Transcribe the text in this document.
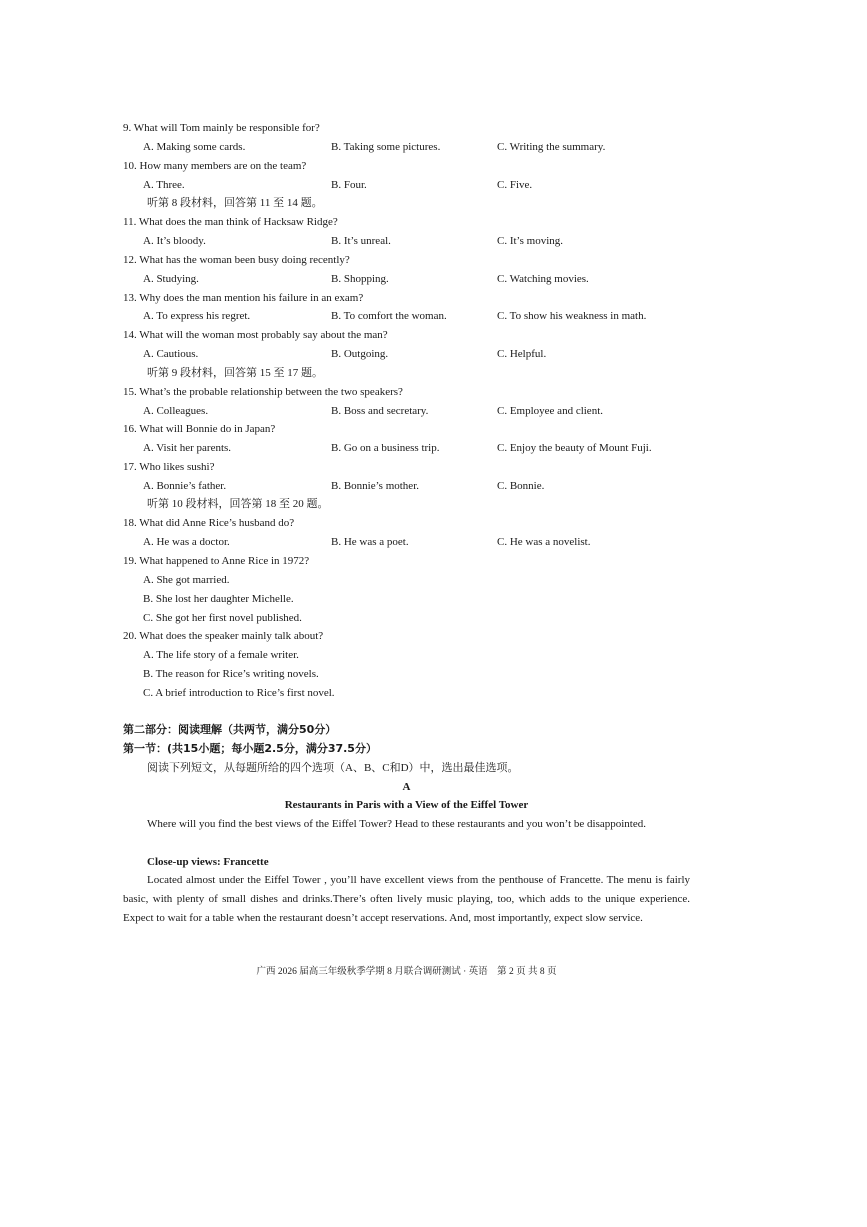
9. What will Tom mainly be responsible for?
A. Making some cards.	B. Taking some pictures.	C. Writing the summary.
10. How many members are on the team?
A. Three.	B. Four.	C. Five.
听第 8 段材料，回答第 11 至 14 题。
11. What does the man think of Hacksaw Ridge?
A. It’s bloody.	B. It’s unreal.	C. It’s moving.
12. What has the woman been busy doing recently?
A. Studying.	B. Shopping.	C. Watching movies.
13. Why does the man mention his failure in an exam?
A. To express his regret.	B. To comfort the woman.	C. To show his weakness in math.
14. What will the woman most probably say about the man?
A. Cautious.	B. Outgoing.	C. Helpful.
听第 9 段材料，回答第 15 至 17 题。
15. What’s the probable relationship between the two speakers?
A. Colleagues.	B. Boss and secretary.	C. Employee and client.
16. What will Bonnie do in Japan?
A. Visit her parents.	B. Go on a business trip.	C. Enjoy the beauty of Mount Fuji.
17. Who likes sushi?
A. Bonnie’s father.	B. Bonnie’s mother.	C. Bonnie.
听第 10 段材料，回答第 18 至 20 题。
18. What did Anne Rice’s husband do?
A. He was a doctor.	B. He was a poet.	C. He was a novelist.
19. What happened to Anne Rice in 1972?
A. She got married.
B. She lost her daughter Michelle.
C. She got her first novel published.
20. What does the speaker mainly talk about?
A. The life story of a female writer.
B. The reason for Rice’s writing novels.
C. A brief introduction to Rice’s first novel.
第二部分：阅读理解（共两节，满分50分）
第一节：(共15小题；每小题2.5分，满分37.5分）
阅读下列短文，从每题所给的四个选项（A、B、C和D）中，选出最佳选项。
A
Restaurants in Paris with a View of the Eiffel Tower
Where will you find the best views of the Eiffel Tower? Head to these restaurants and you won’t be disappointed.
Close-up views: Francette
Located almost under the Eiffel Tower , you’ll have excellent views from the penthouse of Francette. The menu is fairly basic, with plenty of small dishes and drinks.There’s often lively music playing, too, which adds to the unique experience. Expect to wait for a table when the restaurant doesn’t accept reservations. And, most importantly, expect slow service.
广西 2026 届高三年级秋季学期 8 月联合调研测试 · 英语　第 2 页 共 8 页
